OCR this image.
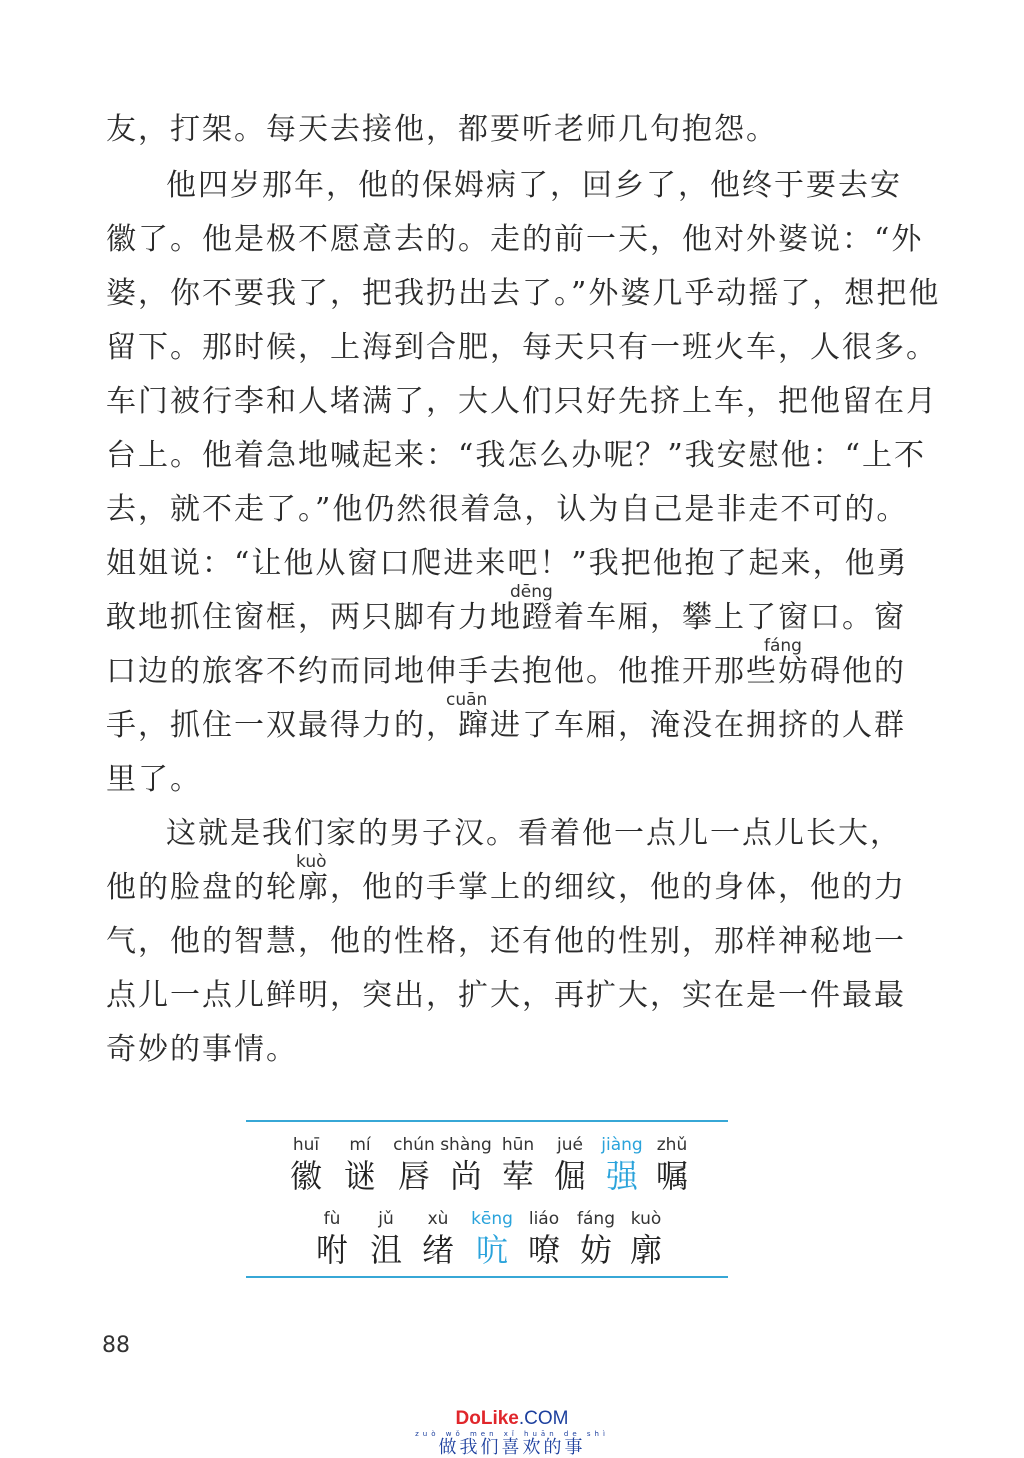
友，打架。每天去接他，都要听老师几句抱怨。
他四岁那年，他的保姆病了，回乡了，他终于要去安
徽了。他是极不愿意去的。走的前一天，他对外婆说：“外
婆，你不要我了，把我扔出去了。”外婆几乎动摇了，想把他
留下。那时候，上海到合肥，每天只有一班火车，人很多。
车门被行李和人堵满了，大人们只好先挤上车，把他留在月
台上。他着急地喊起来：“我怎么办呢？”我安慰他：“上不
去，就不走了。”他仍然很着急，认为自己是非走不可的。
姐姐说：“让他从窗口爬进来吧！”我把他抱了起来，他勇
dēng
敢地抓住窗框，两只脚有力地蹬着车厢，攀上了窗口。窗
fáng
口边的旅客不约而同地伸手去抱他。他推开那些妨碍他的
cuān
手，抓住一双最得力的，蹿进了车厢，淹没在拥挤的人群
里了。
这就是我们家的男子汉。看着他一点儿一点儿长大，
kuò
他的脸盘的轮廓，他的手掌上的细纹，他的身体，他的力
气，他的智慧，他的性格，还有他的性别，那样神秘地一
点儿一点儿鲜明，突出，扩大，再扩大，实在是一件最最
奇妙的事情。
huī
徽
mí
谜
chún
唇
shàng
尚
hūn
荤
jué
倔
jiàng
强
zhǔ
嘱
fù
咐
jǔ
沮
xù
绪
kēng
吭
liáo
嘹
fáng
妨
kuò
廓
88
DoLike.COM
zuò wǒ men xǐ huān de shì
做我们喜欢的事
